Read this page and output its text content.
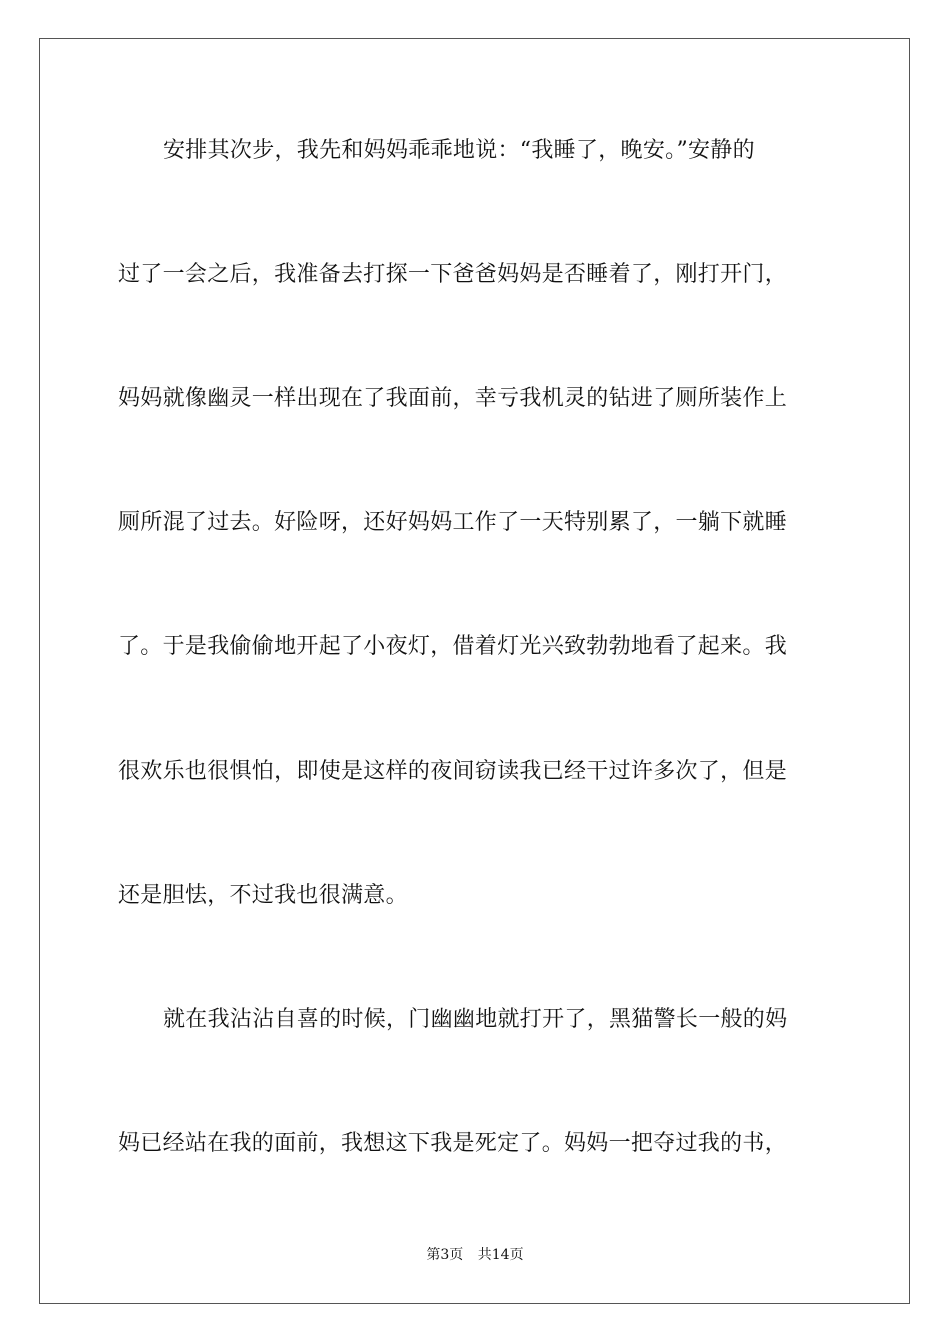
安排其次步，我先和妈妈乖乖地说：“我睡了，晚安。”安静的
过了一会之后，我准备去打探一下爸爸妈妈是否睡着了，刚打开门，
妈妈就像幽灵一样出现在了我面前，幸亏我机灵的钻进了厕所装作上
厕所混了过去。好险呀，还好妈妈工作了一天特别累了，一躺下就睡
了。于是我偷偷地开起了小夜灯，借着灯光兴致勃勃地看了起来。我
很欢乐也很惧怕，即使是这样的夜间窃读我已经干过许多次了，但是
还是胆怯，不过我也很满意。
就在我沾沾自喜的时候，门幽幽地就打开了，黑猫警长一般的妈
妈已经站在我的面前，我想这下我是死定了。妈妈一把夺过我的书，
第3页 共14页
